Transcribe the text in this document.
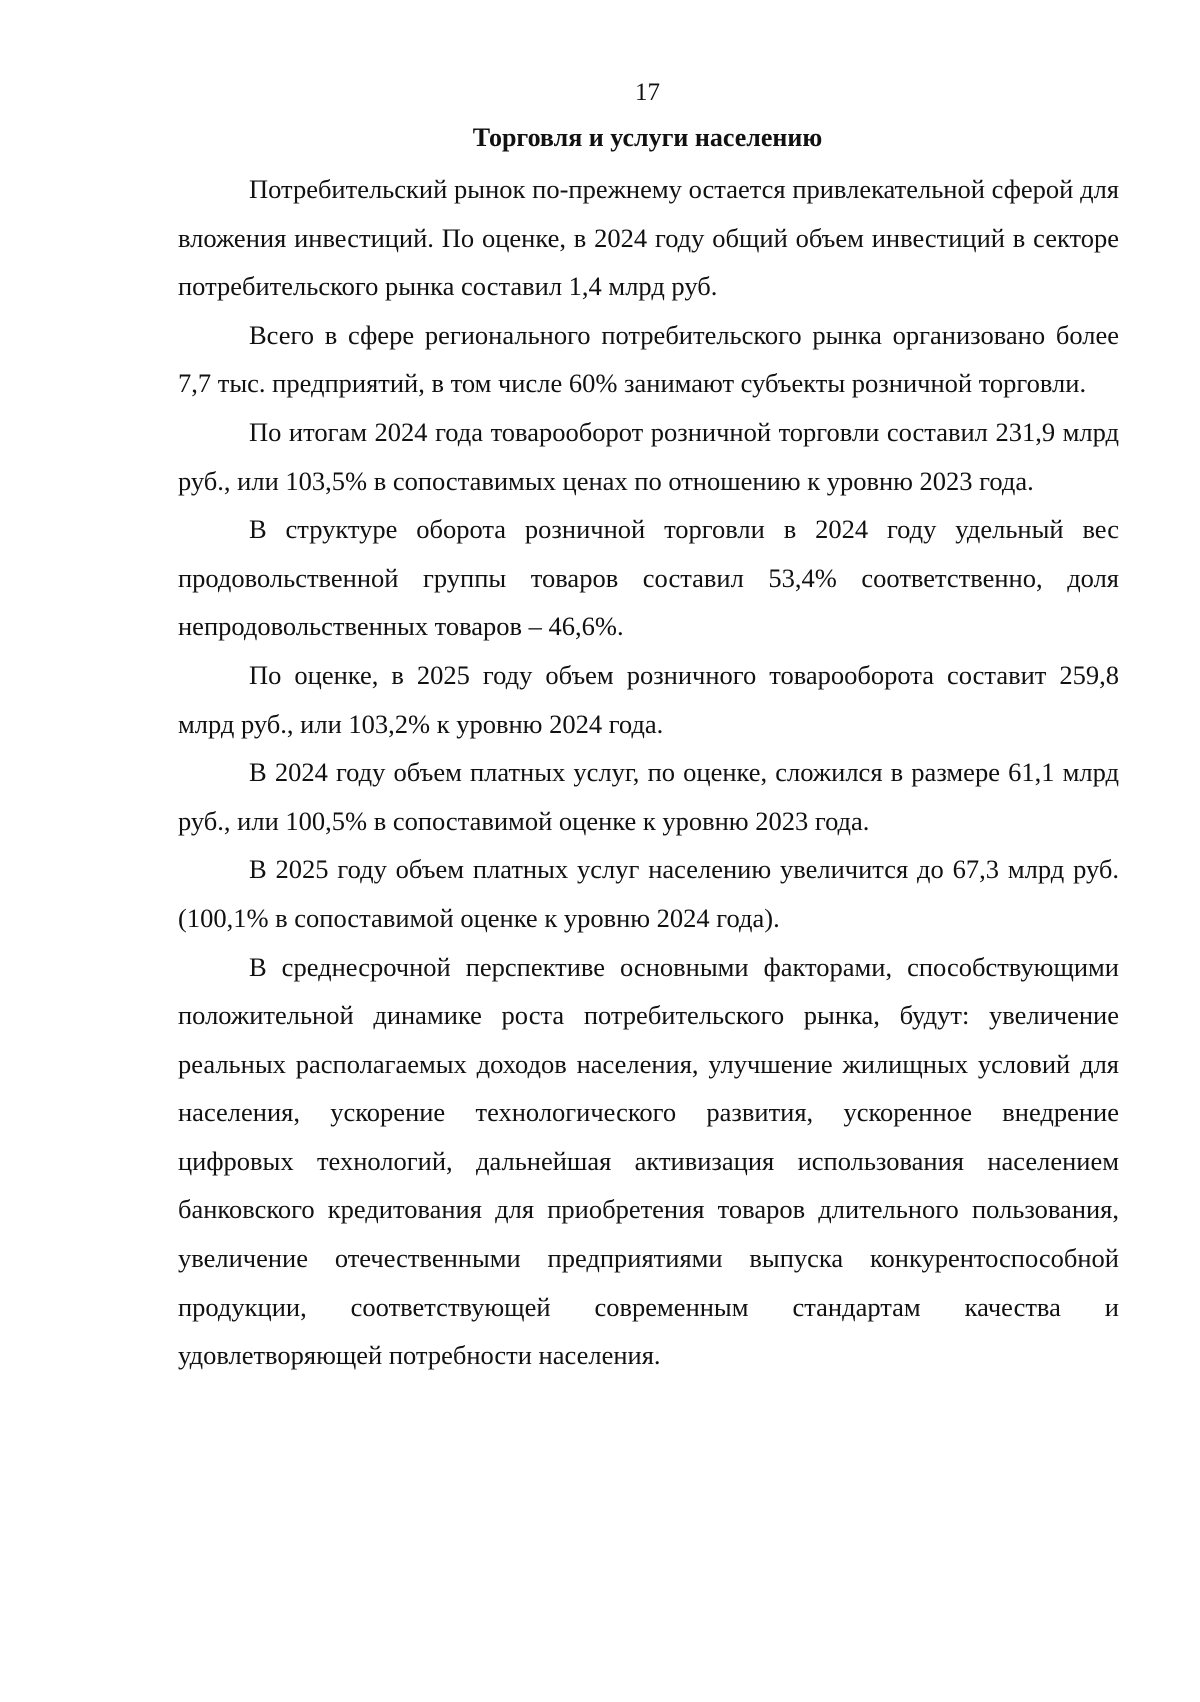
17
Торговля и услуги населению

Потребительский рынок по-прежнему остается привлекательной сферой для вложения инвестиций. По оценке, в 2024 году общий объем инвестиций в секторе потребительского рынка составил 1,4 млрд руб.

Всего в сфере регионального потребительского рынка организовано более 7,7 тыс. предприятий, в том числе 60% занимают субъекты розничной торговли.

По итогам 2024 года товарооборот розничной торговли составил 231,9 млрд руб., или 103,5% в сопоставимых ценах по отношению к уровню 2023 года.

В структуре оборота розничной торговли в 2024 году удельный вес продовольственной группы товаров составил 53,4% соответственно, доля непродовольственных товаров – 46,6%.

По оценке, в 2025 году объем розничного товарооборота составит 259,8 млрд руб., или 103,2% к уровню 2024 года.

В 2024 году объем платных услуг, по оценке, сложился в размере 61,1 млрд руб., или 100,5% в сопоставимой оценке к уровню 2023 года.

В 2025 году объем платных услуг населению увеличится до 67,3 млрд руб. (100,1% в сопоставимой оценке к уровню 2024 года).

В среднесрочной перспективе основными факторами, способствующими положительной динамике роста потребительского рынка, будут: увеличение реальных располагаемых доходов населения, улучшение жилищных условий для населения, ускорение технологического развития, ускоренное внедрение цифровых технологий, дальнейшая активизация использования населением банковского кредитования для приобретения товаров длительного пользования, увеличение отечественными предприятиями выпуска конкурентоспособной продукции, соответствующей современным стандартам качества и удовлетворяющей потребности населения.
